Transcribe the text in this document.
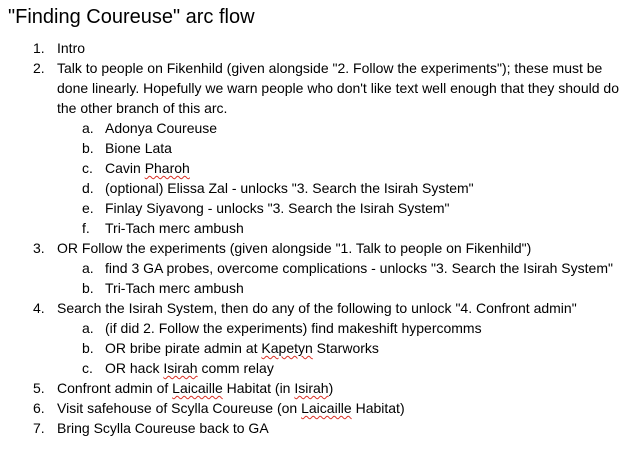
"Finding Coureuse" arc flow
1. Intro
2. Talk to people on Fikenhild (given alongside "2. Follow the experiments"); these must be done linearly. Hopefully we warn people who don't like text well enough that they should do the other branch of this arc.
a. Adonya Coureuse
b. Bione Lata
c. Cavin Pharoh
d. (optional) Elissa Zal - unlocks "3. Search the Isirah System"
e. Finlay Siyavong - unlocks "3. Search the Isirah System"
f. Tri-Tach merc ambush
3. OR Follow the experiments (given alongside "1. Talk to people on Fikenhild")
a. find 3 GA probes, overcome complications - unlocks "3. Search the Isirah System"
b. Tri-Tach merc ambush
4. Search the Isirah System, then do any of the following to unlock "4. Confront admin"
a. (if did 2. Follow the experiments) find makeshift hypercomms
b. OR bribe pirate admin at Kapetyn Starworks
c. OR hack Isirah comm relay
5. Confront admin of Laicaille Habitat (in Isirah)
6. Visit safehouse of Scylla Coureuse (on Laicaille Habitat)
7. Bring Scylla Coureuse back to GA
